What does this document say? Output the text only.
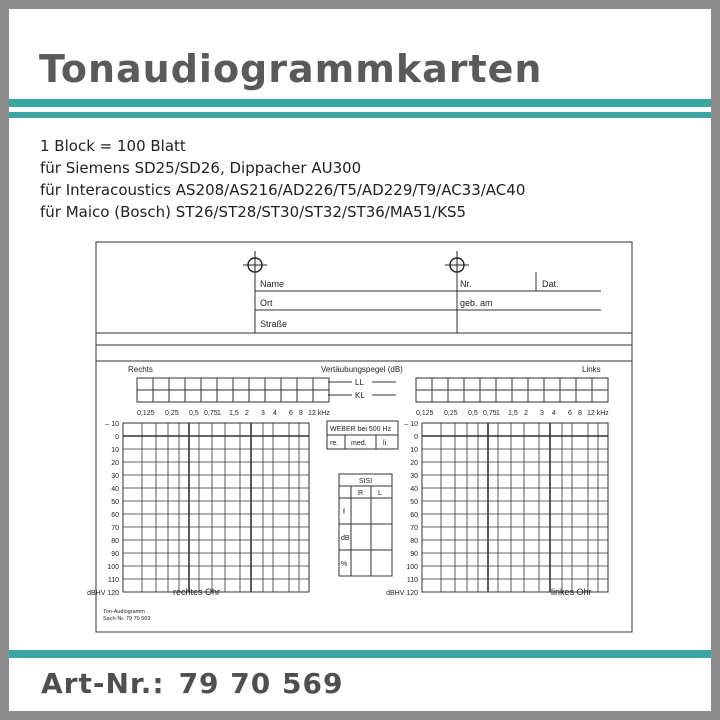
Tonaudiogrammkarten
1 Block = 100 Blatt
für Siemens SD25/SD26, Dippacher AU300
für Interacoustics AS208/AS216/AD226/T5/AD229/T9/AC33/AC40
für Maico (Bosch) ST26/ST28/ST30/ST32/ST36/MA51/KS5
Name	Nr.	Dat.
Ort	geb. am
Straße
Rechts	Links
Vertäubungspegel (dB)
LL
KL
0,125 0,25 0,5 0,75 1 1,5 2 3 4 6 8 12 kHz	0,125 0,25 0,5 0,75 1 1,5 2 3 4 6 8 12 kHz
– 10
0
10
20
30
40
50
60
70
80
90
100
110
dBHV 120
– 10
0
10
20
30
40
50
60
70
80
90
100
110
dBHV 120
rechtes Ohr	linkes Ohr
WEBER bei 500 Hz
re. med. li.
SISI
R L
f
dB
%
Ton-Audiogramm
Sach-Nr. 79 70 569
Art-Nr.: 79 70 569
